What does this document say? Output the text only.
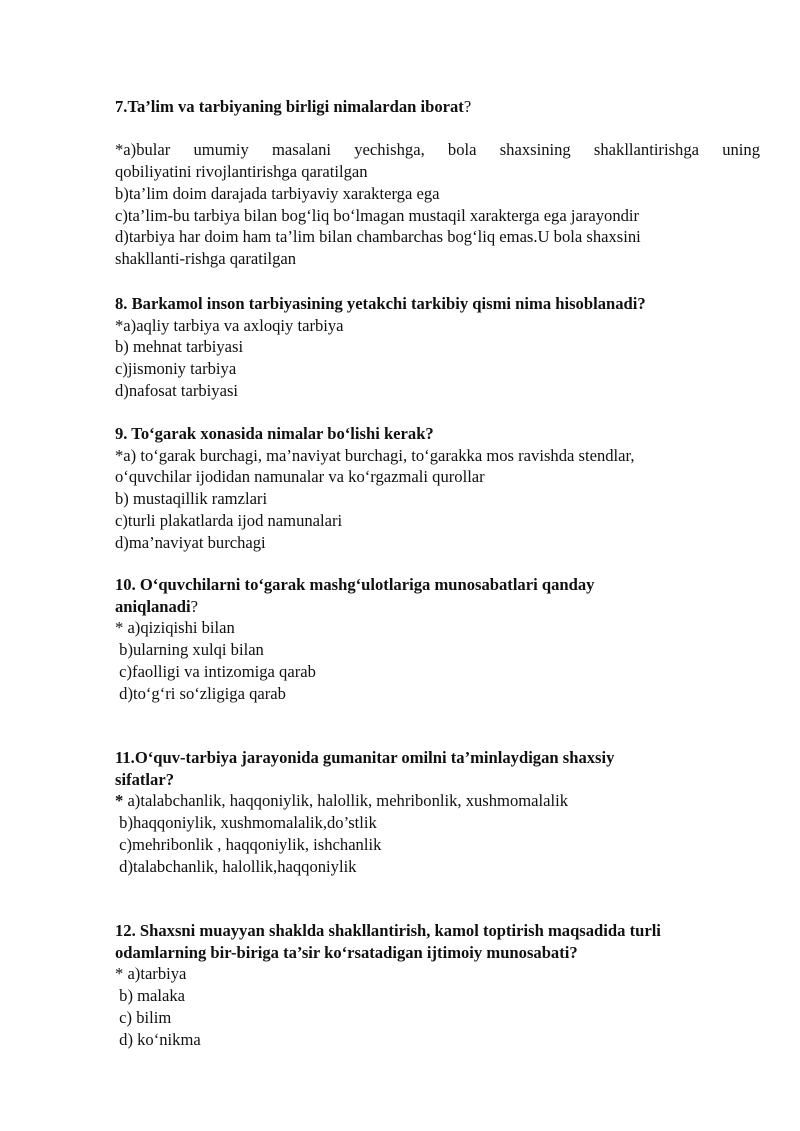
7.Ta’lim va tarbiyaning birligi nimalardan iborat?
*a)bular umumiy masalani yechishga, bola shaxsining shakllantirishga uning
qobiliyatini rivojlantirishga qaratilgan
b)ta’lim doim darajada tarbiyaviy xarakterga ega
c)ta’lim-bu tarbiya bilan bog‘liq bo‘lmagan mustaqil xarakterga ega jarayondir
d)tarbiya har doim ham ta’lim bilan chambarchas bog‘liq emas.U bola shaxsini
shakllanti-rishga qaratilgan
8. Barkamol inson tarbiyasining yetakchi tarkibiy qismi nima hisoblanadi?
*a)aqliy tarbiya va axloqiy tarbiya
b) mehnat tarbiyasi
c)jismoniy tarbiya
d)nafosat tarbiyasi
9. To‘garak xonasida nimalar bo‘lishi kerak?
*a) to‘garak burchagi, ma’naviyat burchagi, to‘garakka mos ravishda stendlar,
o‘quvchilar ijodidan namunalar va ko‘rgazmali qurollar
b) mustaqillik ramzlari
c)turli plakatlarda ijod namunalari
d)ma’naviyat burchagi
10. O‘quvchilarni to‘garak mashg‘ulotlariga munosabatlari qanday
aniqlanadi?
* a)qiziqishi bilan
b)ularning xulqi bilan
c)faolligi va intizomiga qarab
d)to‘g‘ri so‘zligiga qarab
11.O‘quv-tarbiya jarayonida gumanitar omilni ta’minlaydigan shaxsiy
sifatlar?
* a)talabchanlik, haqqoniylik, halollik, mehribonlik, xushmomalalik
b)haqqoniylik, xushmomalalik,do’stlik
c)mehribonlik , haqqoniylik, ishchanlik
d)talabchanlik, halollik,haqqoniylik
12. Shaxsni muayyan shaklda shakllantirish, kamol toptirish maqsadida turli
odamlarning bir-biriga ta’sir ko‘rsatadigan ijtimoiy munosabati?
* a)tarbiya
b) malaka
c) bilim
d) ko‘nikma
